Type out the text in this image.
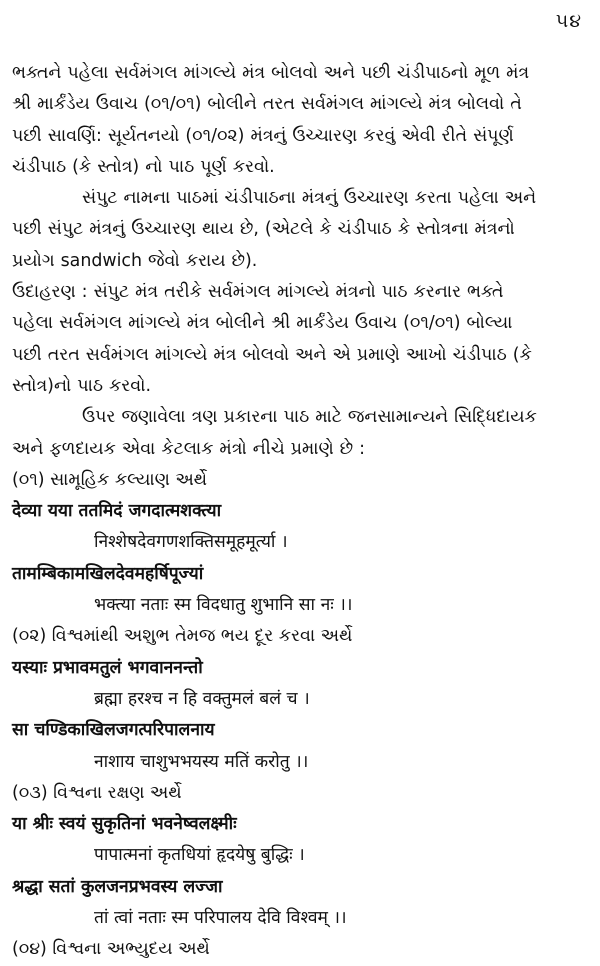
૫૪
ભક્તને પહેલા સર્વમંગલ માંગલ્યે મંત્ર બોલવો અને પછી ચંડીપાઠનો મૂળ મંત્ર
શ્રી માર્કંડેય ઉવાચ (૦૧/૦૧) બોલીને તરત સર્વમંગલ માંગલ્યે મંત્ર બોલવો તે
પછી સાવર્ણિ: સૂર્યતનયો (૦૧/૦૨) મંત્રનું ઉચ્ચારણ કરવું એવી રીતે સંપૂર્ણ
ચંડીપાઠ (કે સ્તોત્ર) નો પાઠ પૂર્ણ કરવો.
સંપુટ નામના પાઠમાં ચંડીપાઠના મંત્રનું ઉચ્ચારણ કરતા પહેલા અને
પછી સંપુટ મંત્રનું ઉચ્ચારણ થાય છે, (એટલે કે ચંડીપાઠ કે સ્તોત્રના મંત્રનો
પ્રયોગ sandwich જેવો કરાય છે).
ઉદાહરણ : સંપુટ મંત્ર તરીકે સર્વમંગલ માંગલ્યે મંત્રનો પાઠ કરનાર ભક્તે
પહેલા સર્વમંગલ માંગલ્યે મંત્ર બોલીને શ્રી માર્કંડેય ઉવાચ (૦૧/૦૧) બોલ્યા
પછી તરત સર્વમંગલ માંગલ્યે મંત્ર બોલવો અને એ પ્રમાણે આખો ચંડીપાઠ (કે
સ્તોત્ર)નો પાઠ કરવો.
ઉપર જણાવેલા ત્રણ પ્રકારના પાઠ માટે જનસામાન્યને સિદ્ધિદાયક
અને ફળદાયક એવા કેટલાક મંત્રો નીચે પ્રમાણે છે :
(૦૧) સામૂહિક કલ્યાણ અર્થે
देव्या यया ततमिदं जगदात्मशक्त्या
निश्शेषदेवगणशक्तिसमूहमूर्त्या ।
तामम्बिकामखिलदेवमहर्षिपूज्यां
भक्त्या नताः स्म विदधातु शुभानि सा नः ।।
(૦૨) વિશ્વમાંથી અશુભ તેમજ ભય દૂર કરવા અર્થે
यस्याः प्रभावमतुलं भगवाननन्तो
ब्रह्मा हरश्च न हि वक्तुमलं बलं च ।
सा चण्डिकाखिलजगत्परिपालनाय
नाशाय चाशुभभयस्य मतिं करोतु ।।
(૦૩) વિશ્વના રક્ષણ અર્થે
या श्रीः स्वयं सुकृतिनां भवनेष्वलक्ष्मीः
पापात्मनां कृतधियां हृदयेषु बुद्धिः ।
श्रद्धा सतां कुलजनप्रभवस्य लज्जा
तां त्वां नताः स्म परिपालय देवि विश्वम् ।।
(૦૪) વિશ્વના અભ્યુદય અર્થે
